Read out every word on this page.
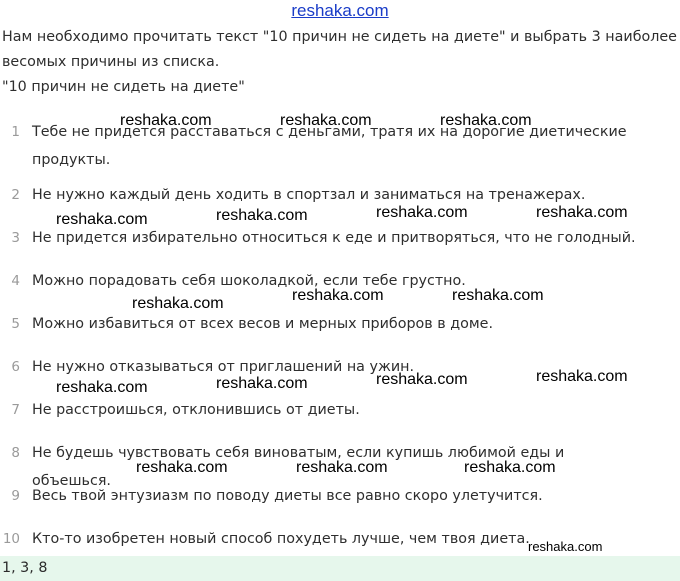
reshaka.com
Нам необходимо прочитать текст "10 причин не сидеть на диете" и выбрать 3 наиболее
весомых причины из списка.
"10 причин не сидеть на диете"
1 Тебе не придется расставаться с деньгами, тратя их на дорогие диетические
продукты.
2 Не нужно каждый день ходить в спортзал и заниматься на тренажерах.
3 Не придется избирательно относиться к еде и притворяться, что не голодный.
4 Можно порадовать себя шоколадкой, если тебе грустно.
5 Можно избавиться от всех весов и мерных приборов в доме.
6 Не нужно отказываться от приглашений на ужин.
7 Не расстроишься, отклонившись от диеты.
8 Не будешь чувствовать себя виноватым, если купишь любимой еды и объешься.
9 Весь твой энтузиазм по поводу диеты все равно скоро улетучится.
10 Кто-то изобретен новый способ похудеть лучше, чем твоя диета.
reshaka.com	reshaka.com	reshaka.com
reshaka.com	reshaka.com	reshaka.com	reshaka.com
reshaka.com	reshaka.com	reshaka.com
reshaka.com	reshaka.com	reshaka.com	reshaka.com
reshaka.com	reshaka.com	reshaka.com
reshaka.com
1, 3, 8
